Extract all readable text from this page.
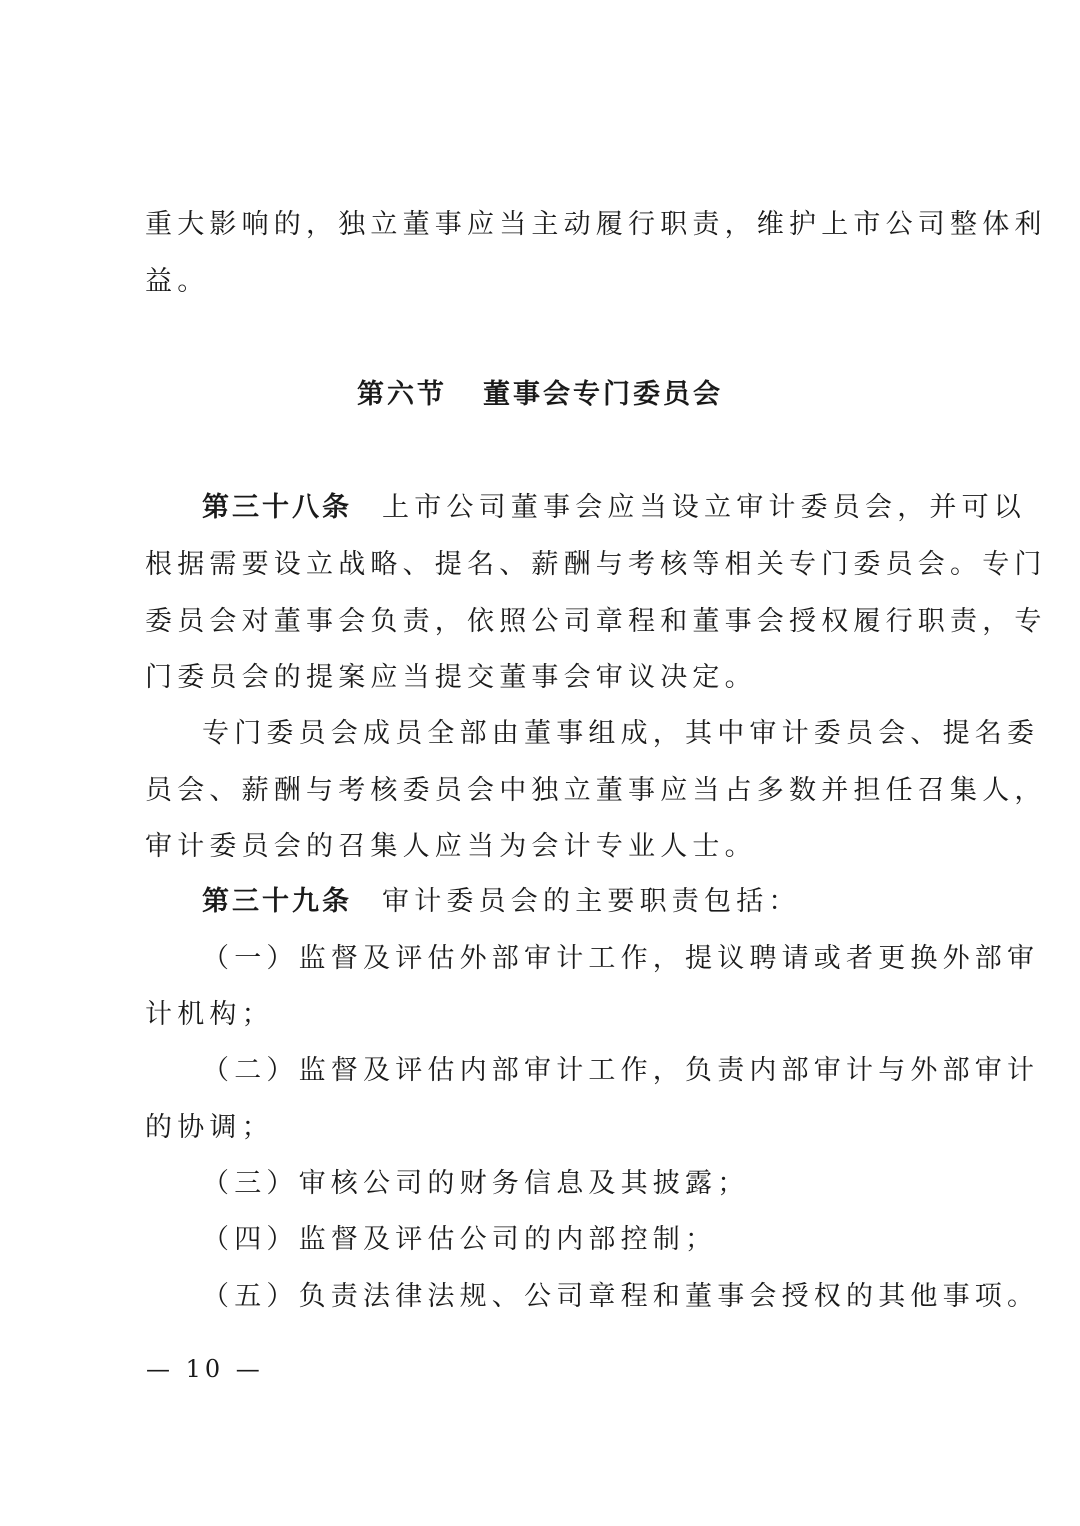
重大影响的，独立董事应当主动履行职责，维护上市公司整体利
益。
第六节 董事会专门委员会
第三十八条 上市公司董事会应当设立审计委员会，并可以
根据需要设立战略、提名、薪酬与考核等相关专门委员会。专门
委员会对董事会负责，依照公司章程和董事会授权履行职责，专
门委员会的提案应当提交董事会审议决定。
专门委员会成员全部由董事组成，其中审计委员会、提名委
员会、薪酬与考核委员会中独立董事应当占多数并担任召集人，
审计委员会的召集人应当为会计专业人士。
第三十九条 审计委员会的主要职责包括：
（一）监督及评估外部审计工作，提议聘请或者更换外部审
计机构；
（二）监督及评估内部审计工作，负责内部审计与外部审计
的协调；
（三）审核公司的财务信息及其披露；
（四）监督及评估公司的内部控制；
（五）负责法律法规、公司章程和董事会授权的其他事项。
— 10 —
